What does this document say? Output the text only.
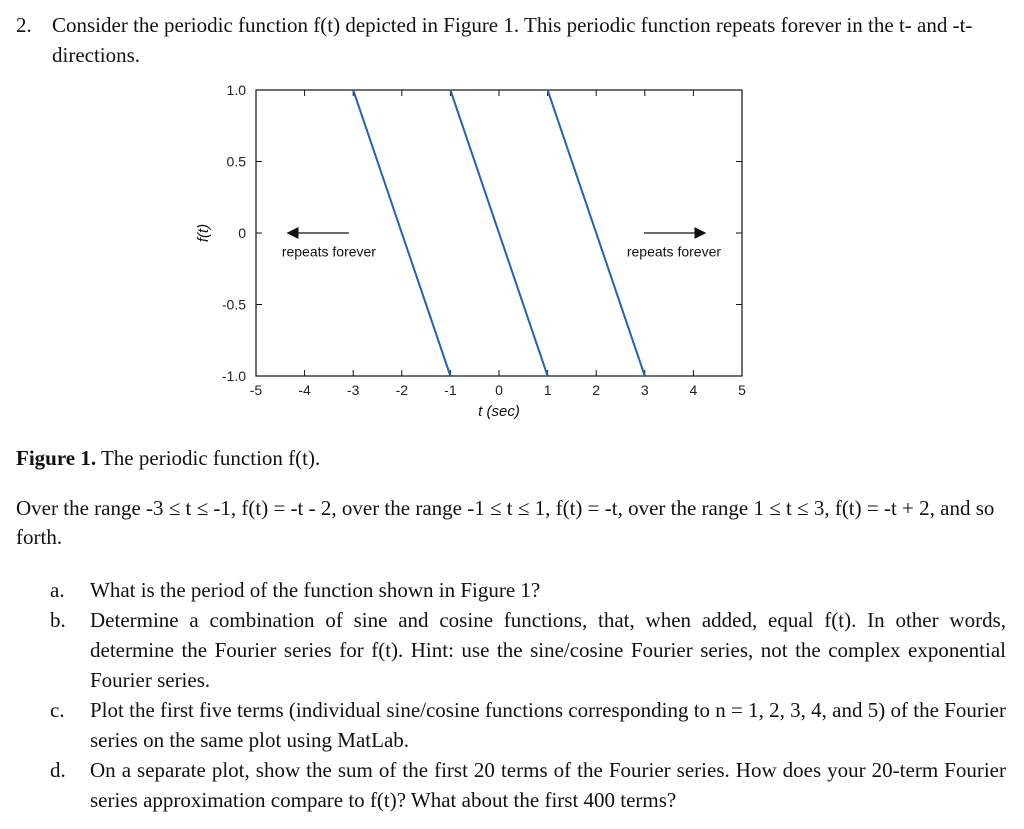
2. Consider the periodic function f(t) depicted in Figure 1. This periodic function repeats forever in the t- and -t-directions.
-5	-4	-3	-2	-1	0	1	2	3	4	5
1.0
0.5
0
-0.5
-1.0
repeats forever	repeats forever
t (sec)
f(t)
Figure 1. The periodic function f(t).
Over the range -3 ≤ t ≤ -1, f(t) = -t - 2, over the range -1 ≤ t ≤ 1, f(t) = -t, over the range 1 ≤ t ≤ 3, f(t) = -t + 2, and so forth.
a. What is the period of the function shown in Figure 1?
b. Determine a combination of sine and cosine functions, that, when added, equal f(t). In other words, determine the Fourier series for f(t). Hint: use the sine/cosine Fourier series, not the complex exponential Fourier series.
c. Plot the first five terms (individual sine/cosine functions corresponding to n = 1, 2, 3, 4, and 5) of the Fourier series on the same plot using MatLab.
d. On a separate plot, show the sum of the first 20 terms of the Fourier series. How does your 20-term Fourier series approximation compare to f(t)? What about the first 400 terms?
